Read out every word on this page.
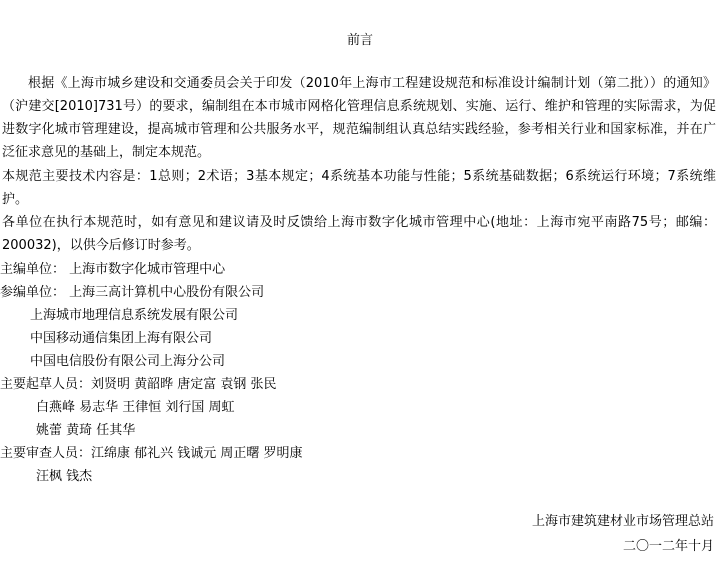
前言

根据《上海市城乡建设和交通委员会关于印发（2010年上海市工程建设规范和标准设计编制计划（第二批））的通知》（沪建交[2010]731号）的要求，编制组在本市城市网格化管理信息系统规划、实施、运行、维护和管理的实际需求，为促进数字化城市管理建设，提高城市管理和公共服务水平，规范编制组认真总结实践经验，参考相关行业和国家标准，并在广泛征求意见的基础上，制定本规范。

本规范主要技术内容是：1总则；2术语；3基本规定；4系统基本功能与性能；5系统基础数据；6系统运行环境；7系统维护。

各单位在执行本规范时，如有意见和建议请及时反馈给上海市数字化城市管理中心(地址：上海市宛平南路75号；邮编：200032)，以供今后修订时参考。

主编单位： 上海市数字化城市管理中心
参编单位： 上海三高计算机中心股份有限公司
上海城市地理信息系统发展有限公司
中国移动通信集团上海有限公司
中国电信股份有限公司上海分公司
主要起草人员：刘贤明 黄韶晔 唐定富 袁钢 张民
白燕峰 易志华 王律恒 刘行国 周虹
姚蕾 黄琦 任其华
主要审查人员：江绵康 郁礼兴 钱诚元 周正曙 罗明康
汪枫 钱杰
上海市建筑建材业市场管理总站
二〇一二年十月
